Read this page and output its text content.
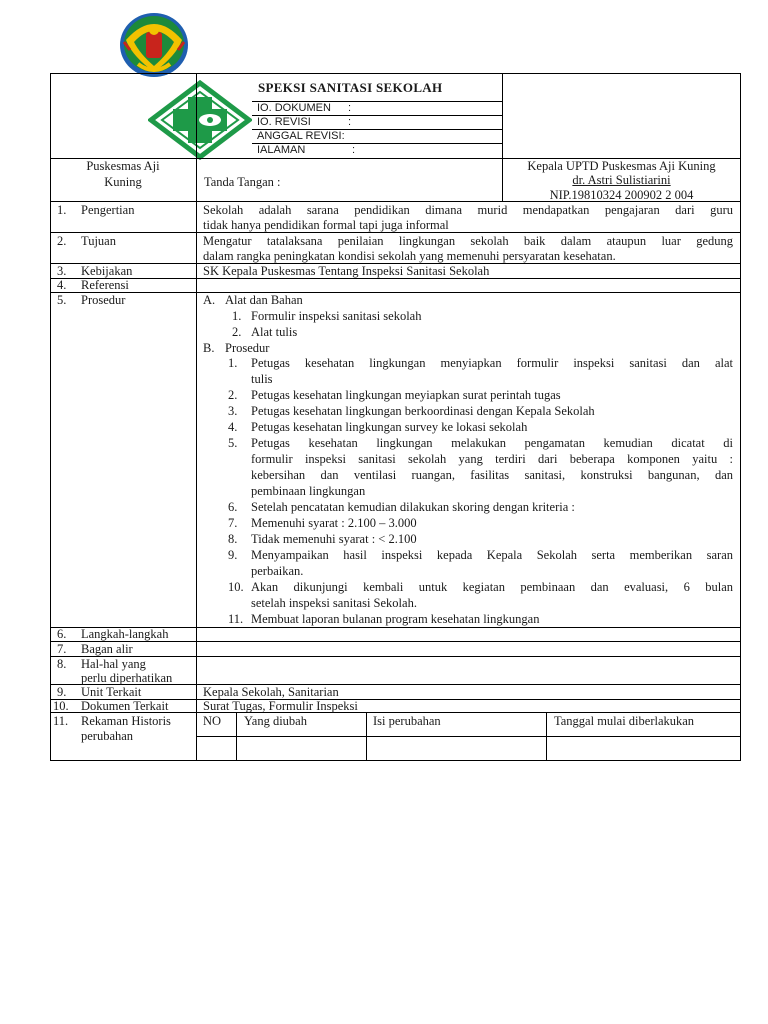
SPEKSI SANITASI SEKOLAH
IO. DOKUMEN :
IO. REVISI	:
ANGGAL REVISI:
IALAMAN	:
Puskesmas Aji
Kuning	Tanda Tangan :
Kepala UPTD Puskesmas Aji Kuning
dr. Astri Sulistiarini
NIP.19810324 200902 2 004
1. Pengertian	Sekolah adalah sarana pendidikan dimana murid mendapatkan pengajaran dari guru
tidak hanya pendidikan formal tapi juga informal
2. Tujuan	Mengatur tatalaksana penilaian lingkungan sekolah baik dalam ataupun luar gedung
dalam rangka peningkatan kondisi sekolah yang memenuhi persyaratan kesehatan.
3. Kebijakan	SK Kepala Puskesmas Tentang Inspeksi Sanitasi Sekolah
4. Referensi
5. Prosedur	A. Alat dan Bahan
1. Formulir inspeksi sanitasi sekolah
2. Alat tulis
B. Prosedur
1. Petugas kesehatan lingkungan menyiapkan formulir inspeksi sanitasi dan alat
tulis
2. Petugas kesehatan lingkungan meyiapkan surat perintah tugas
3. Petugas kesehatan lingkungan berkoordinasi dengan Kepala Sekolah
4. Petugas kesehatan lingkungan survey ke lokasi sekolah
5. Petugas kesehatan lingkungan melakukan pengamatan kemudian dicatat di
formulir inspeksi sanitasi sekolah yang terdiri dari beberapa komponen yaitu :
kebersihan dan ventilasi ruangan, fasilitas sanitasi, konstruksi bangunan, dan
pembinaan lingkungan
6. Setelah pencatatan kemudian dilakukan skoring dengan kriteria :
7. Memenuhi syarat : 2.100 – 3.000
8. Tidak memenuhi syarat : < 2.100
9. Menyampaikan hasil inspeksi kepada Kepala Sekolah serta memberikan saran
perbaikan.
10. Akan dikunjungi kembali untuk kegiatan pembinaan dan evaluasi, 6 bulan
setelah inspeksi sanitasi Sekolah.
11. Membuat laporan bulanan program kesehatan lingkungan
6. Langkah-langkah
7. Bagan alir
8. Hal-hal yang
perlu diperhatikan
9. Unit Terkait	Kepala Sekolah, Sanitarian
10. Dokumen Terkait	Surat Tugas, Formulir Inspeksi
11. Rekaman Historis
perubahan
NO Yang diubah	Isi perubahan	Tanggal mulai diberlakukan
